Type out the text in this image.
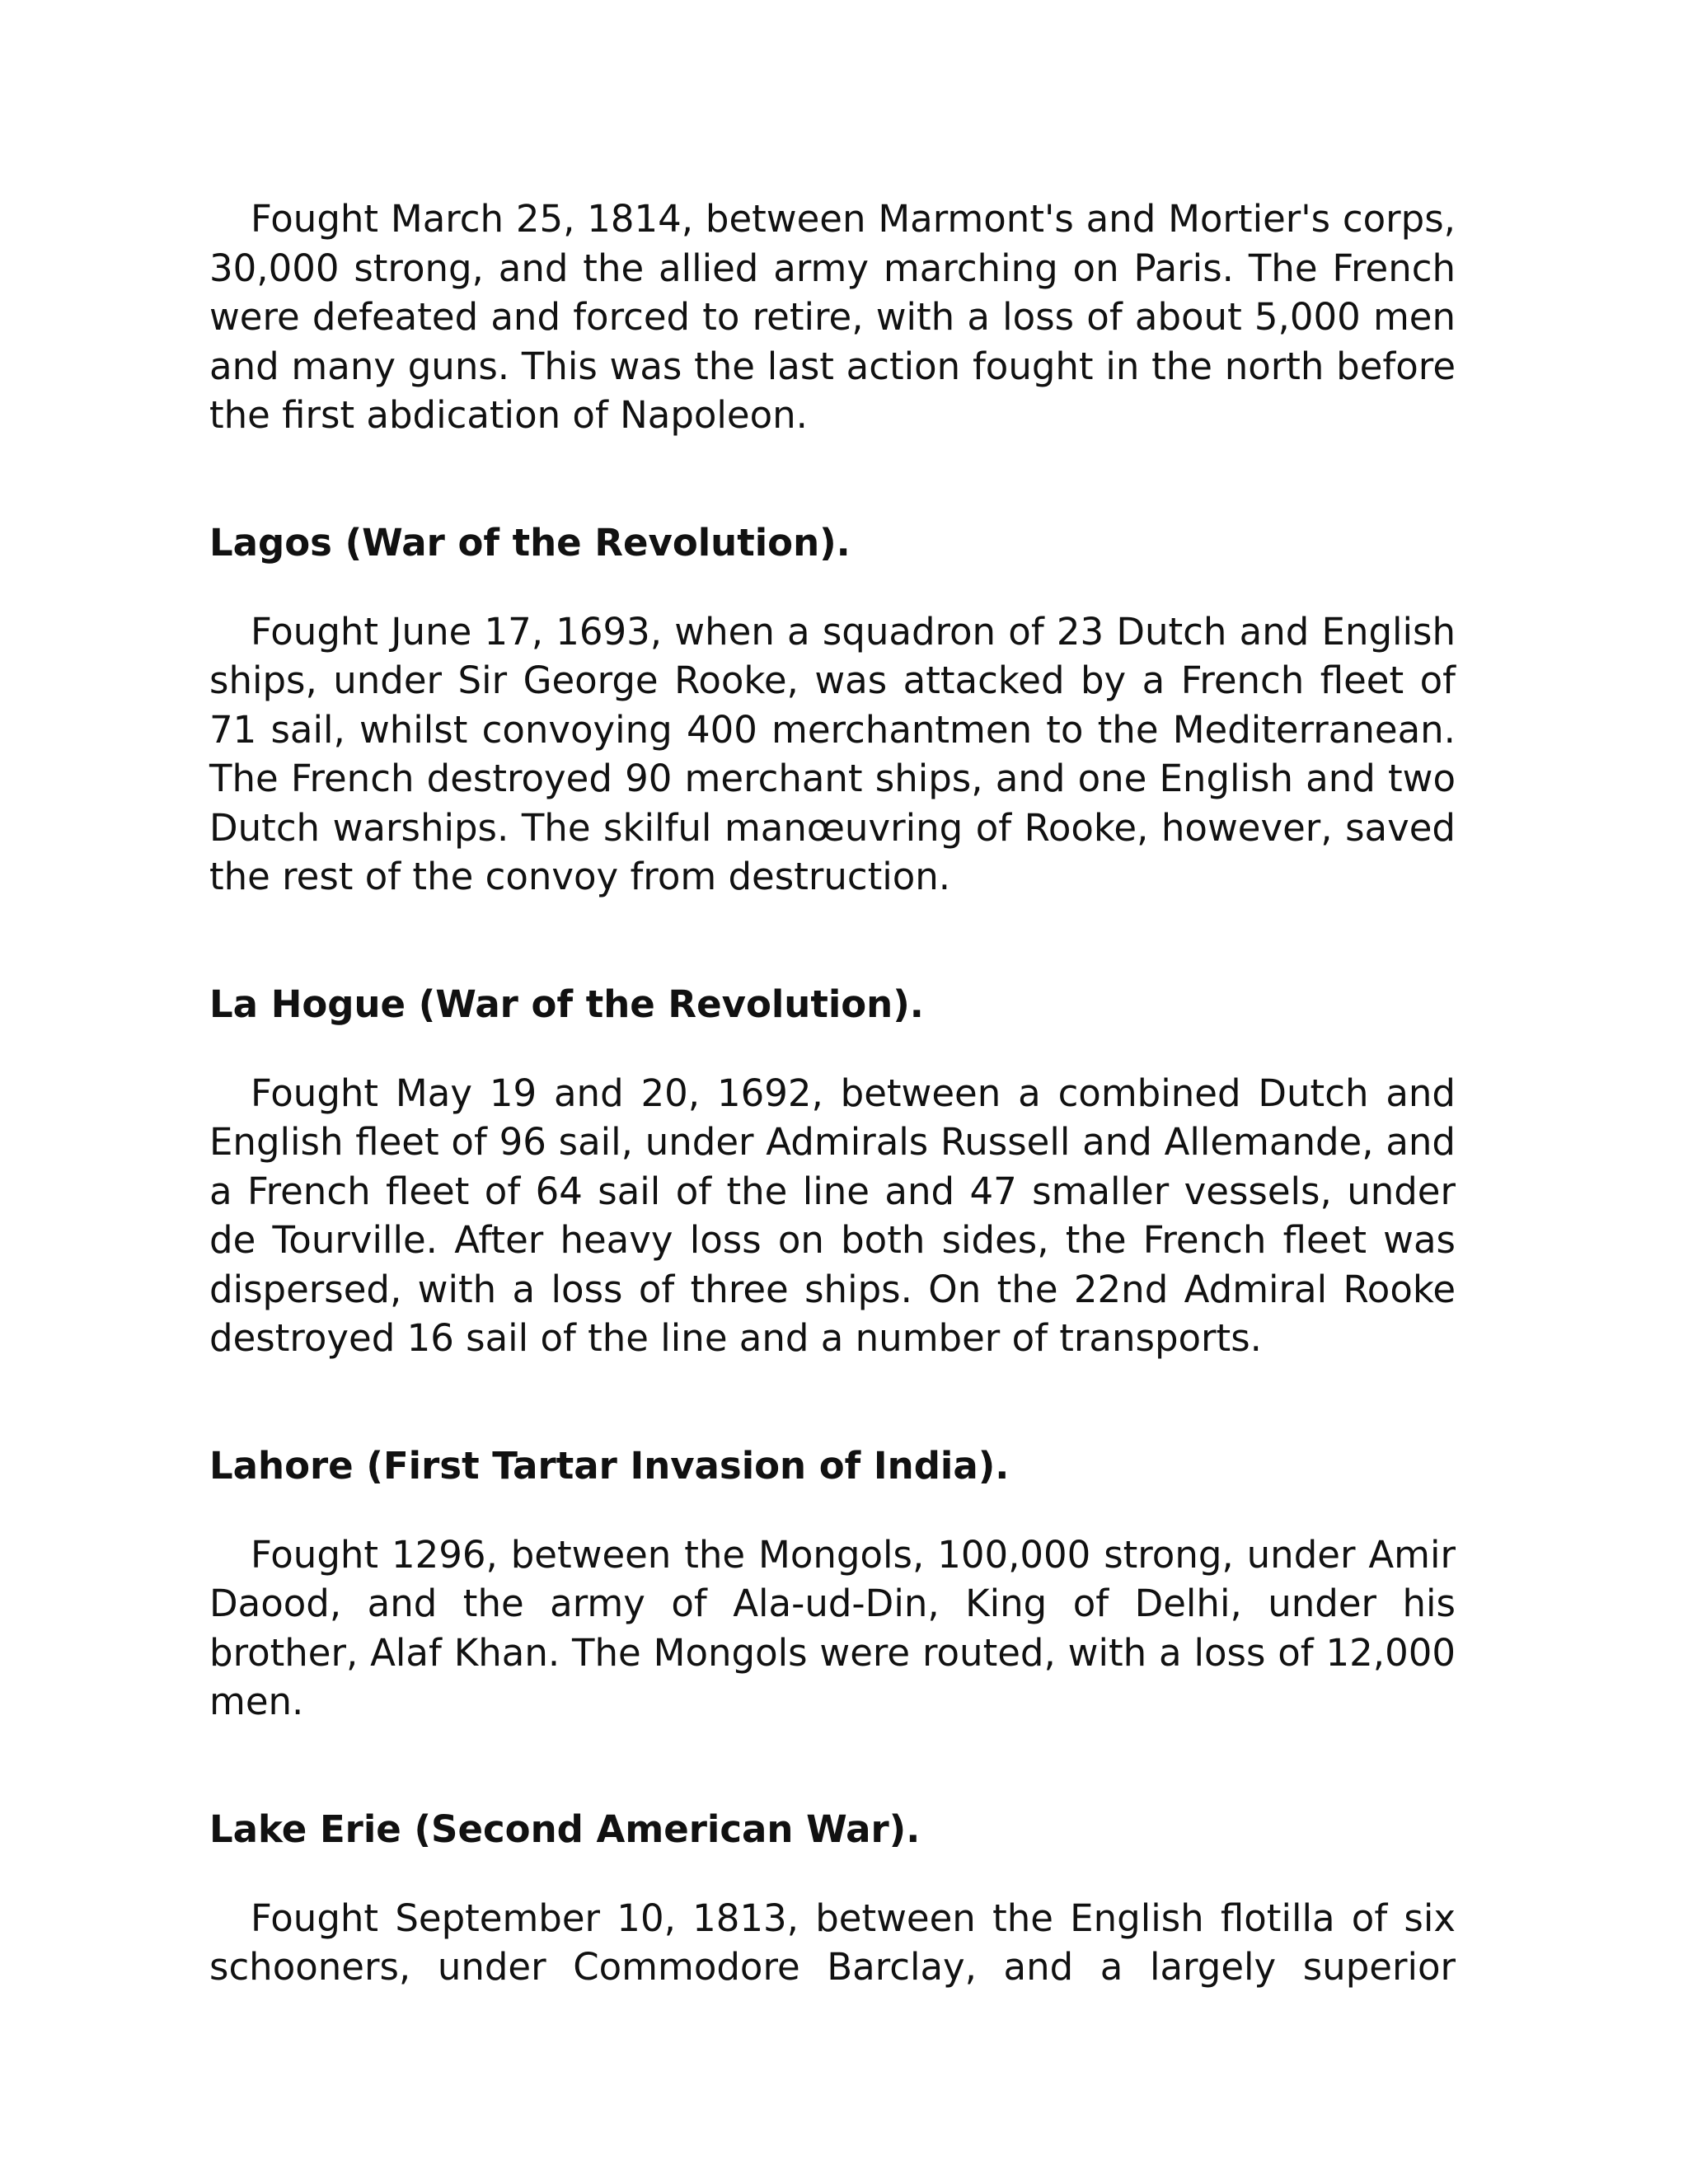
Fought March 25, 1814, between Marmont's and Mortier's corps, 30,000 strong, and the allied army marching on Paris. The French were defeated and forced to retire, with a loss of about 5,000 men and many guns. This was the last action fought in the north before the first abdication of Napoleon.

Lagos (War of the Revolution).

Fought June 17, 1693, when a squadron of 23 Dutch and English ships, under Sir George Rooke, was attacked by a French fleet of 71 sail, whilst convoying 400 merchantmen to the Mediterranean. The French destroyed 90 merchant ships, and one English and two Dutch warships. The skilful manœuvring of Rooke, however, saved the rest of the convoy from destruction.

La Hogue (War of the Revolution).

Fought May 19 and 20, 1692, between a combined Dutch and English fleet of 96 sail, under Admirals Russell and Allemande, and a French fleet of 64 sail of the line and 47 smaller vessels, under de Tourville. After heavy loss on both sides, the French fleet was dispersed, with a loss of three ships. On the 22nd Admiral Rooke destroyed 16 sail of the line and a number of transports.

Lahore (First Tartar Invasion of India).

Fought 1296, between the Mongols, 100,000 strong, under Amir Daood, and the army of Ala-ud-Din, King of Delhi, under his brother, Alaf Khan. The Mongols were routed, with a loss of 12,000 men.

Lake Erie (Second American War).

Fought September 10, 1813, between the English flotilla of six schooners, under Commodore Barclay, and a largely superior
